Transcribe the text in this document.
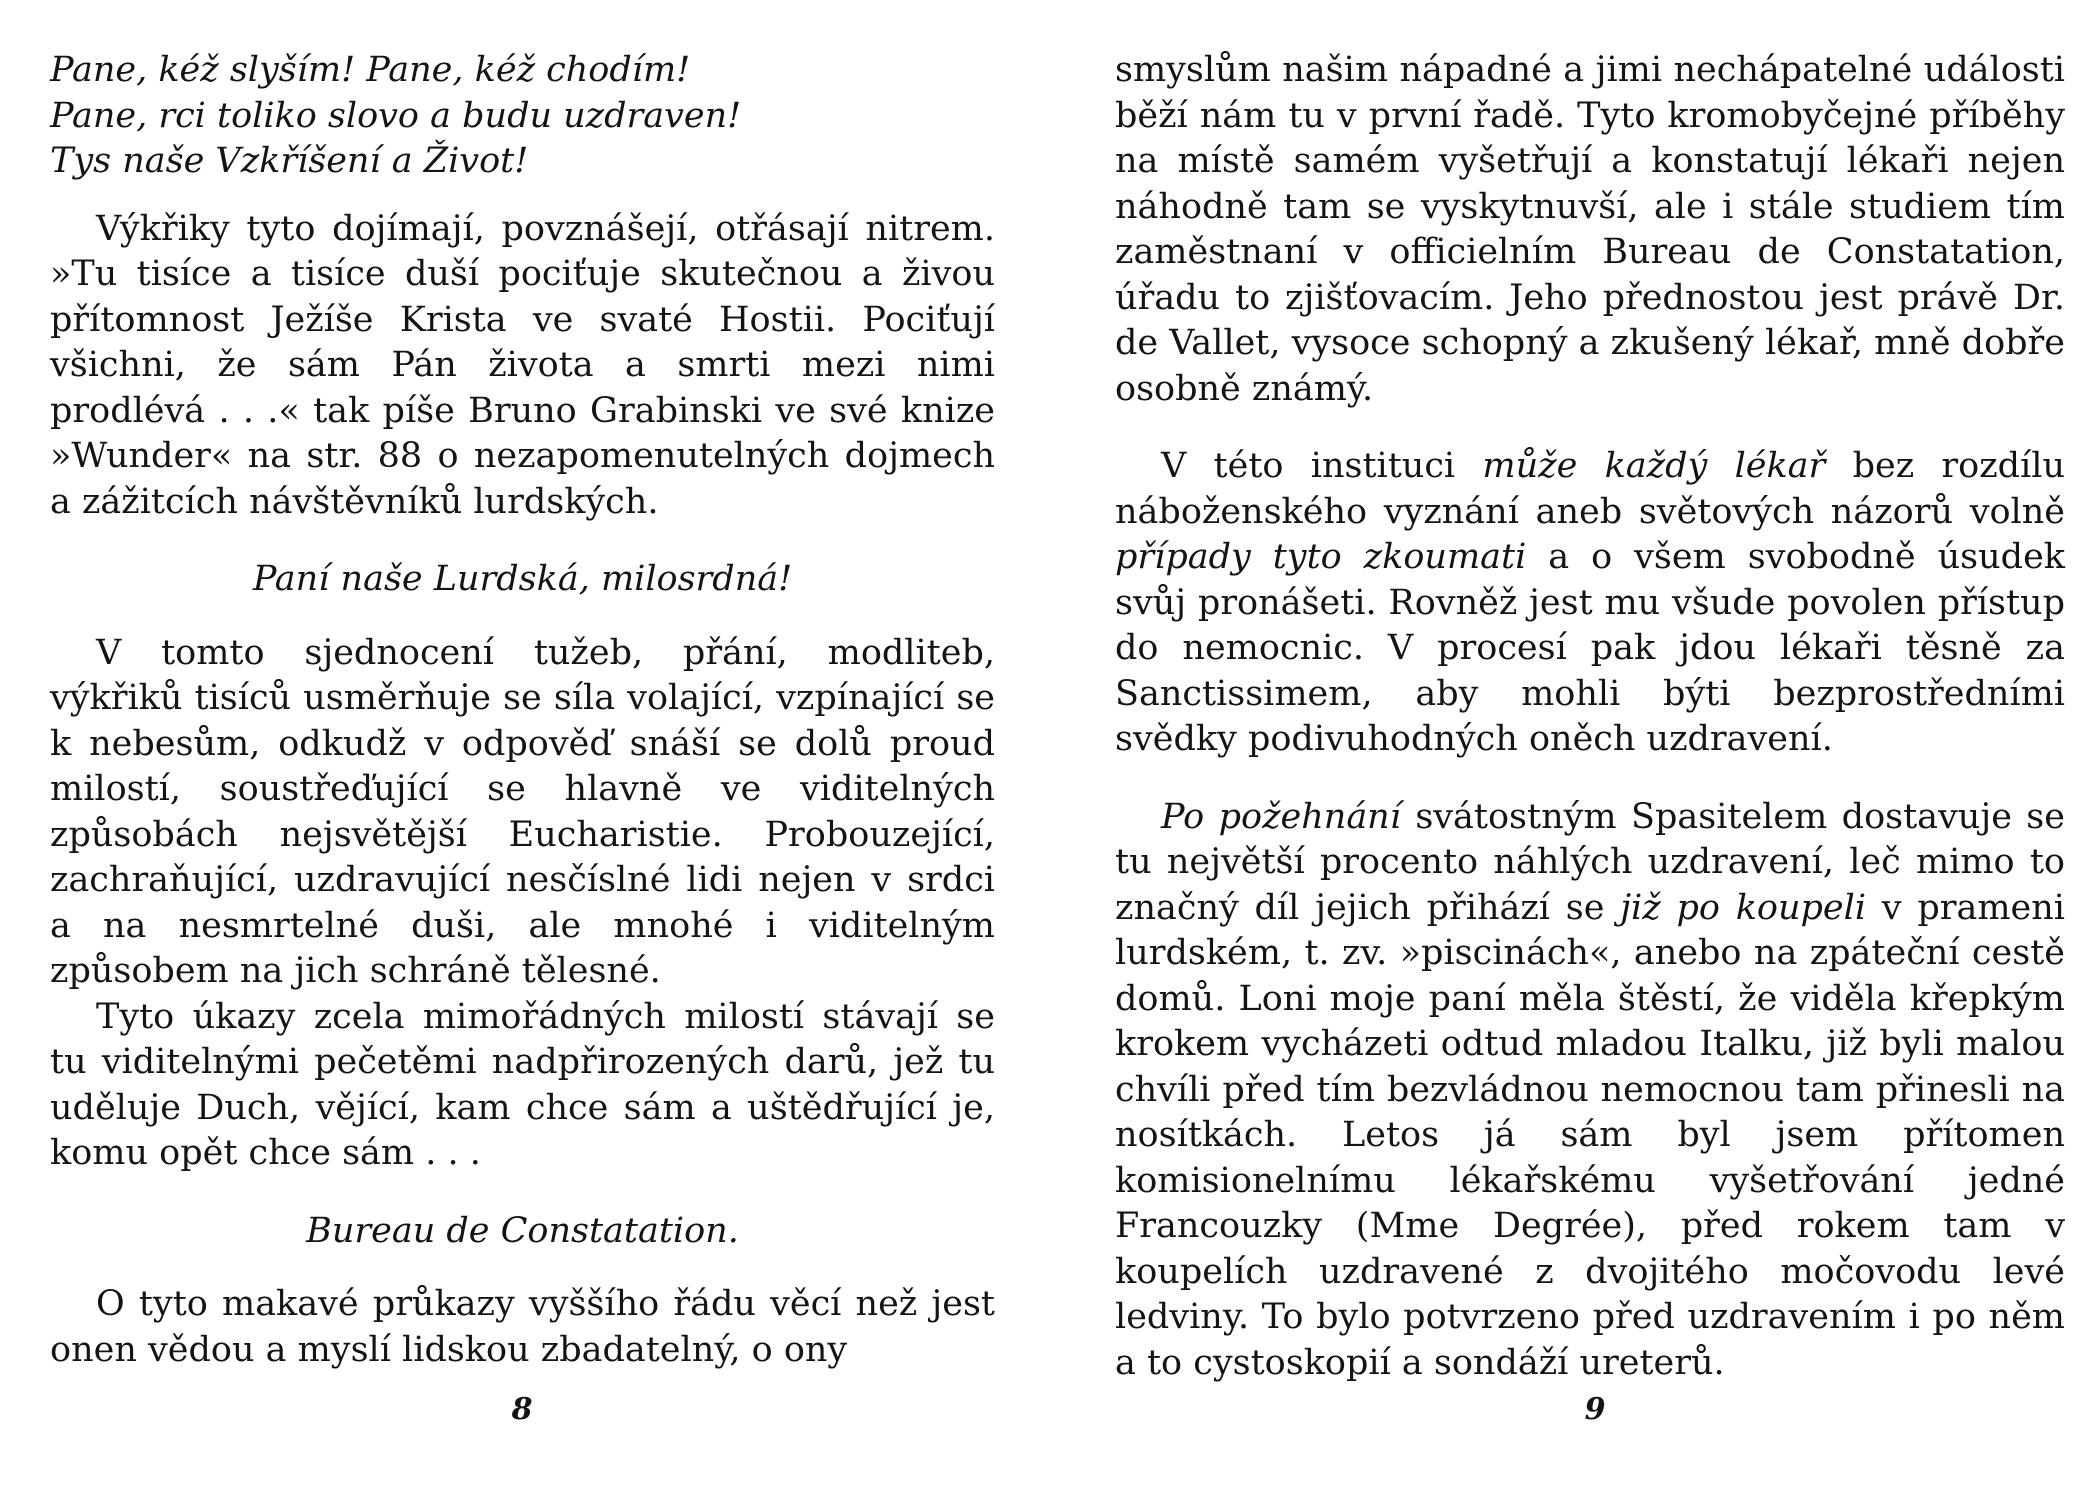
Pane, kéž slyším! Pane, kéž chodím!
Pane, rci toliko slovo a budu uzdraven!
Tys naše Vzkříšení a Život!

Výkřiky tyto dojímají, povznášejí, otřásají nitrem. »Tu tisíce a tisíce duší pociťuje skutečnou a živou přítomnost Ježíše Krista ve svaté Hostii. Pociťují všichni, že sám Pán života a smrti mezi nimi prodlévá . . .« tak píše Bruno Grabinski ve své knize »Wunder« na str. 88 o nezapomenutelných dojmech a zážitcích návštěvníků lurdských.

Paní naše Lurdská, milosrdná!

V tomto sjednocení tužeb, přání, modliteb, výkřiků tisíců usměrňuje se síla volající, vzpínající se k nebesům, odkudž v odpověď snáší se dolů proud milostí, soustřeďující se hlavně ve viditelných způsobách nejsvětější Eucharistie. Probouzející, zachraňující, uzdravující nesčíslné lidi nejen v srdci a na nesmrtelné duši, ale mnohé i viditelným způsobem na jich schráně tělesné.

Tyto úkazy zcela mimořádných milostí stávají se tu viditelnými pečetěmi nadpřirozených darů, jež tu uděluje Duch, vějící, kam chce sám a uštědřující je, komu opět chce sám . . .

Bureau de Constatation.

O tyto makavé průkazy vyššího řádu věcí než jest onen vědou a myslí lidskou zbadatelný, o ony

8

smyslům našim nápadné a jimi nechápatelné události běží nám tu v první řadě. Tyto kromobyčejné příběhy na místě samém vyšetřují a konstatují lékaři nejen náhodně tam se vyskytnuvší, ale i stále studiem tím zaměstnaní v officielním Bureau de Constatation, úřadu to zjišťovacím. Jeho přednostou jest právě Dr. de Vallet, vysoce schopný a zkušený lékař, mně dobře osobně známý.

V této instituci může každý lékař bez rozdílu náboženského vyznání aneb světových názorů volně případy tyto zkoumati a o všem svobodně úsudek svůj pronášeti. Rovněž jest mu všude povolen přístup do nemocnic. V procesí pak jdou lékaři těsně za Sanctissimem, aby mohli býti bezprostředními svědky podivuhodných oněch uzdravení.

Po požehnání svátostným Spasitelem dostavuje se tu největší procento náhlých uzdravení, leč mimo to značný díl jejich přihází se již po koupeli v prameni lurdském, t. zv. »piscinách«, anebo na zpáteční cestě domů. Loni moje paní měla štěstí, že viděla křepkým krokem vycházeti odtud mladou Italku, již byli malou chvíli před tím bezvládnou nemocnou tam přinesli na nosítkách. Letos já sám byl jsem přítomen komisionelnímu lékařskému vyšetřování jedné Francouzky (Mme Degrée), před rokem tam v koupelích uzdravené z dvojitého močovodu levé ledviny. To bylo potvrzeno před uzdravením i po něm a to cystoskopií a sondáží ureterů.

9
